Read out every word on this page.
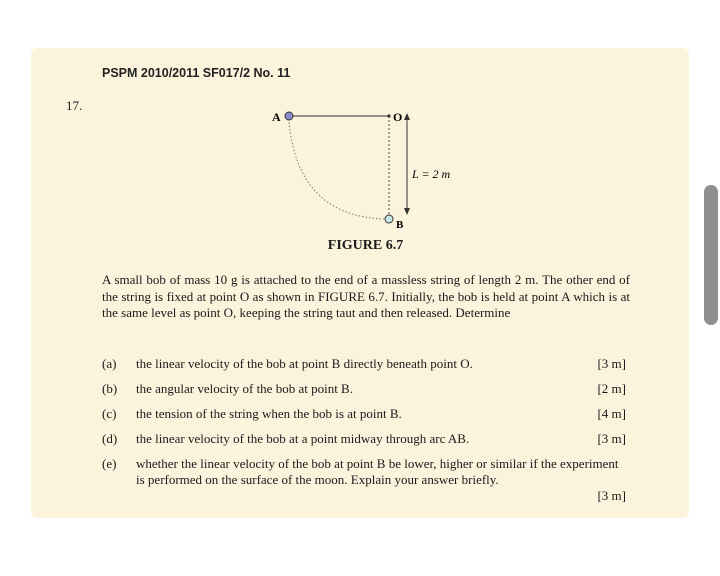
PSPM 2010/2011 SF017/2 No. 11
17.
A	O
B
L = 2 m
FIGURE 6.7
A small bob of mass 10 g is attached to the end of a massless string of length 2 m. The other end of the string is fixed at point O as shown in FIGURE 6.7. Initially, the bob is held at point A which is at the same level as point O, keeping the string taut and then released. Determine
(a) the linear velocity of the bob at point B directly beneath point O.	[3 m]
(b) the angular velocity of the bob at point B.	[2 m]
(c) the tension of the string when the bob is at point B.	[4 m]
(d) the linear velocity of the bob at a point midway through arc AB.	[3 m]
(e) whether the linear velocity of the bob at point B be lower, higher or similar if the experiment is performed on the surface of the moon. Explain your answer briefly.
[3 m]
